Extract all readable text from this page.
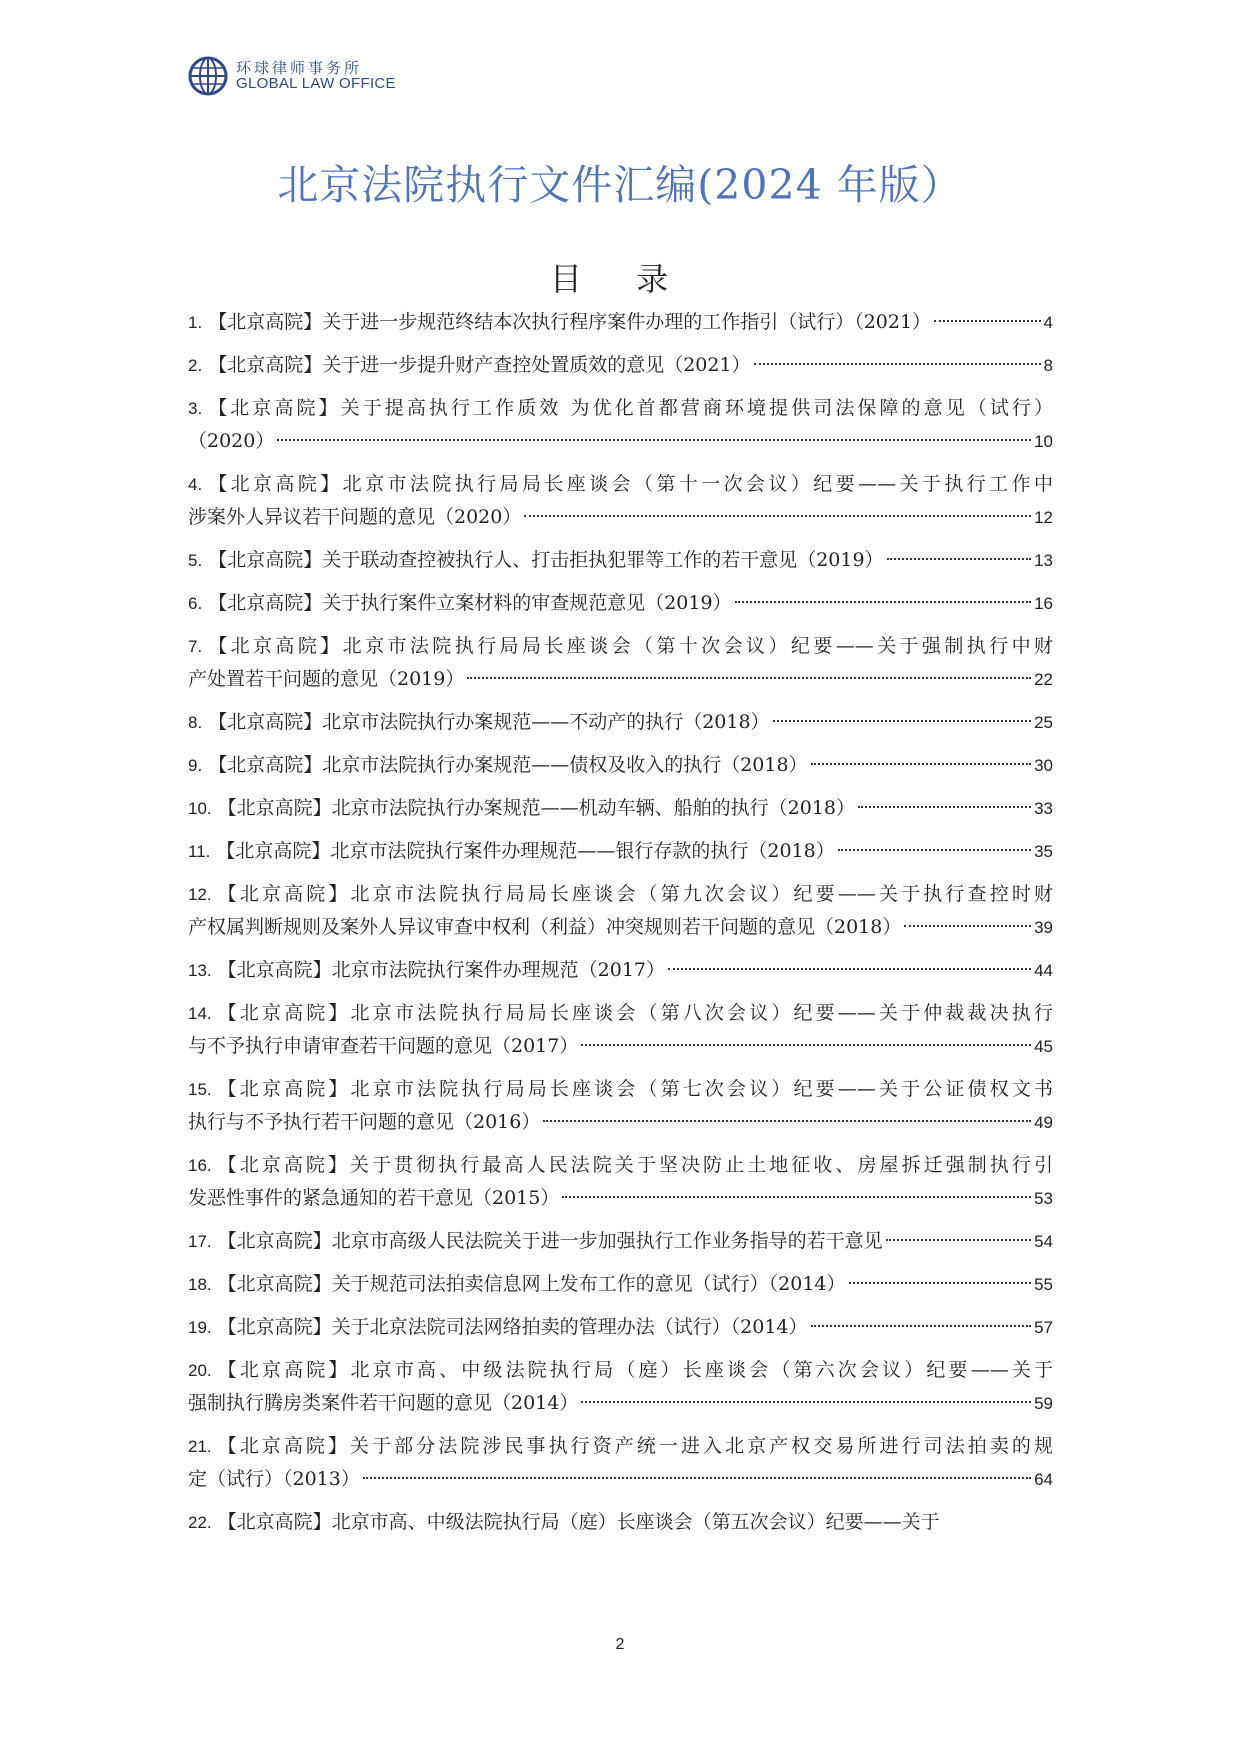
环球律师事务所
GLOBAL LAW OFFICE
北京法院执行文件汇编(2024 年版）
目 录
1. 【北京高院】关于进一步规范终结本次执行程序案件办理的工作指引（试行）（2021）	4
2. 【北京高院】关于进一步提升财产查控处置质效的意见（2021）	8
3. 【北京高院】关于提高执行工作质效 为优化首都营商环境提供司法保障的意见（试行）
（2020）	10
4. 【北京高院】北京市法院执行局局长座谈会（第十一次会议）纪要——关于执行工作中
涉案外人异议若干问题的意见（2020）	12
5. 【北京高院】关于联动查控被执行人、打击拒执犯罪等工作的若干意见（2019）	13
6. 【北京高院】关于执行案件立案材料的审查规范意见（2019）	16
7. 【北京高院】北京市法院执行局局长座谈会（第十次会议）纪要——关于强制执行中财
产处置若干问题的意见（2019）	22
8. 【北京高院】北京市法院执行办案规范——不动产的执行（2018）	25
9. 【北京高院】北京市法院执行办案规范——债权及收入的执行（2018）	30
10. 【北京高院】北京市法院执行办案规范——机动车辆、船舶的执行（2018）	33
11. 【北京高院】北京市法院执行案件办理规范——银行存款的执行（2018）	35
12. 【北京高院】北京市法院执行局局长座谈会（第九次会议）纪要——关于执行查控时财
产权属判断规则及案外人异议审查中权利（利益）冲突规则若干问题的意见（2018）	39
13. 【北京高院】北京市法院执行案件办理规范（2017）	44
14. 【北京高院】北京市法院执行局局长座谈会（第八次会议）纪要——关于仲裁裁决执行
与不予执行申请审查若干问题的意见（2017）	45
15. 【北京高院】北京市法院执行局局长座谈会（第七次会议）纪要——关于公证债权文书
执行与不予执行若干问题的意见（2016）	49
16. 【北京高院】关于贯彻执行最高人民法院关于坚决防止土地征收、房屋拆迁强制执行引
发恶性事件的紧急通知的若干意见（2015）	53
17. 【北京高院】北京市高级人民法院关于进一步加强执行工作业务指导的若干意见	54
18. 【北京高院】关于规范司法拍卖信息网上发布工作的意见（试行）（2014）	55
19. 【北京高院】关于北京法院司法网络拍卖的管理办法（试行）（2014）	57
20. 【北京高院】北京市高、中级法院执行局（庭）长座谈会（第六次会议）纪要——关于
强制执行腾房类案件若干问题的意见（2014）	59
21. 【北京高院】关于部分法院涉民事执行资产统一进入北京产权交易所进行司法拍卖的规
定（试行）（2013）	64
22. 【北京高院】北京市高、中级法院执行局（庭）长座谈会（第五次会议）纪要——关于
2
